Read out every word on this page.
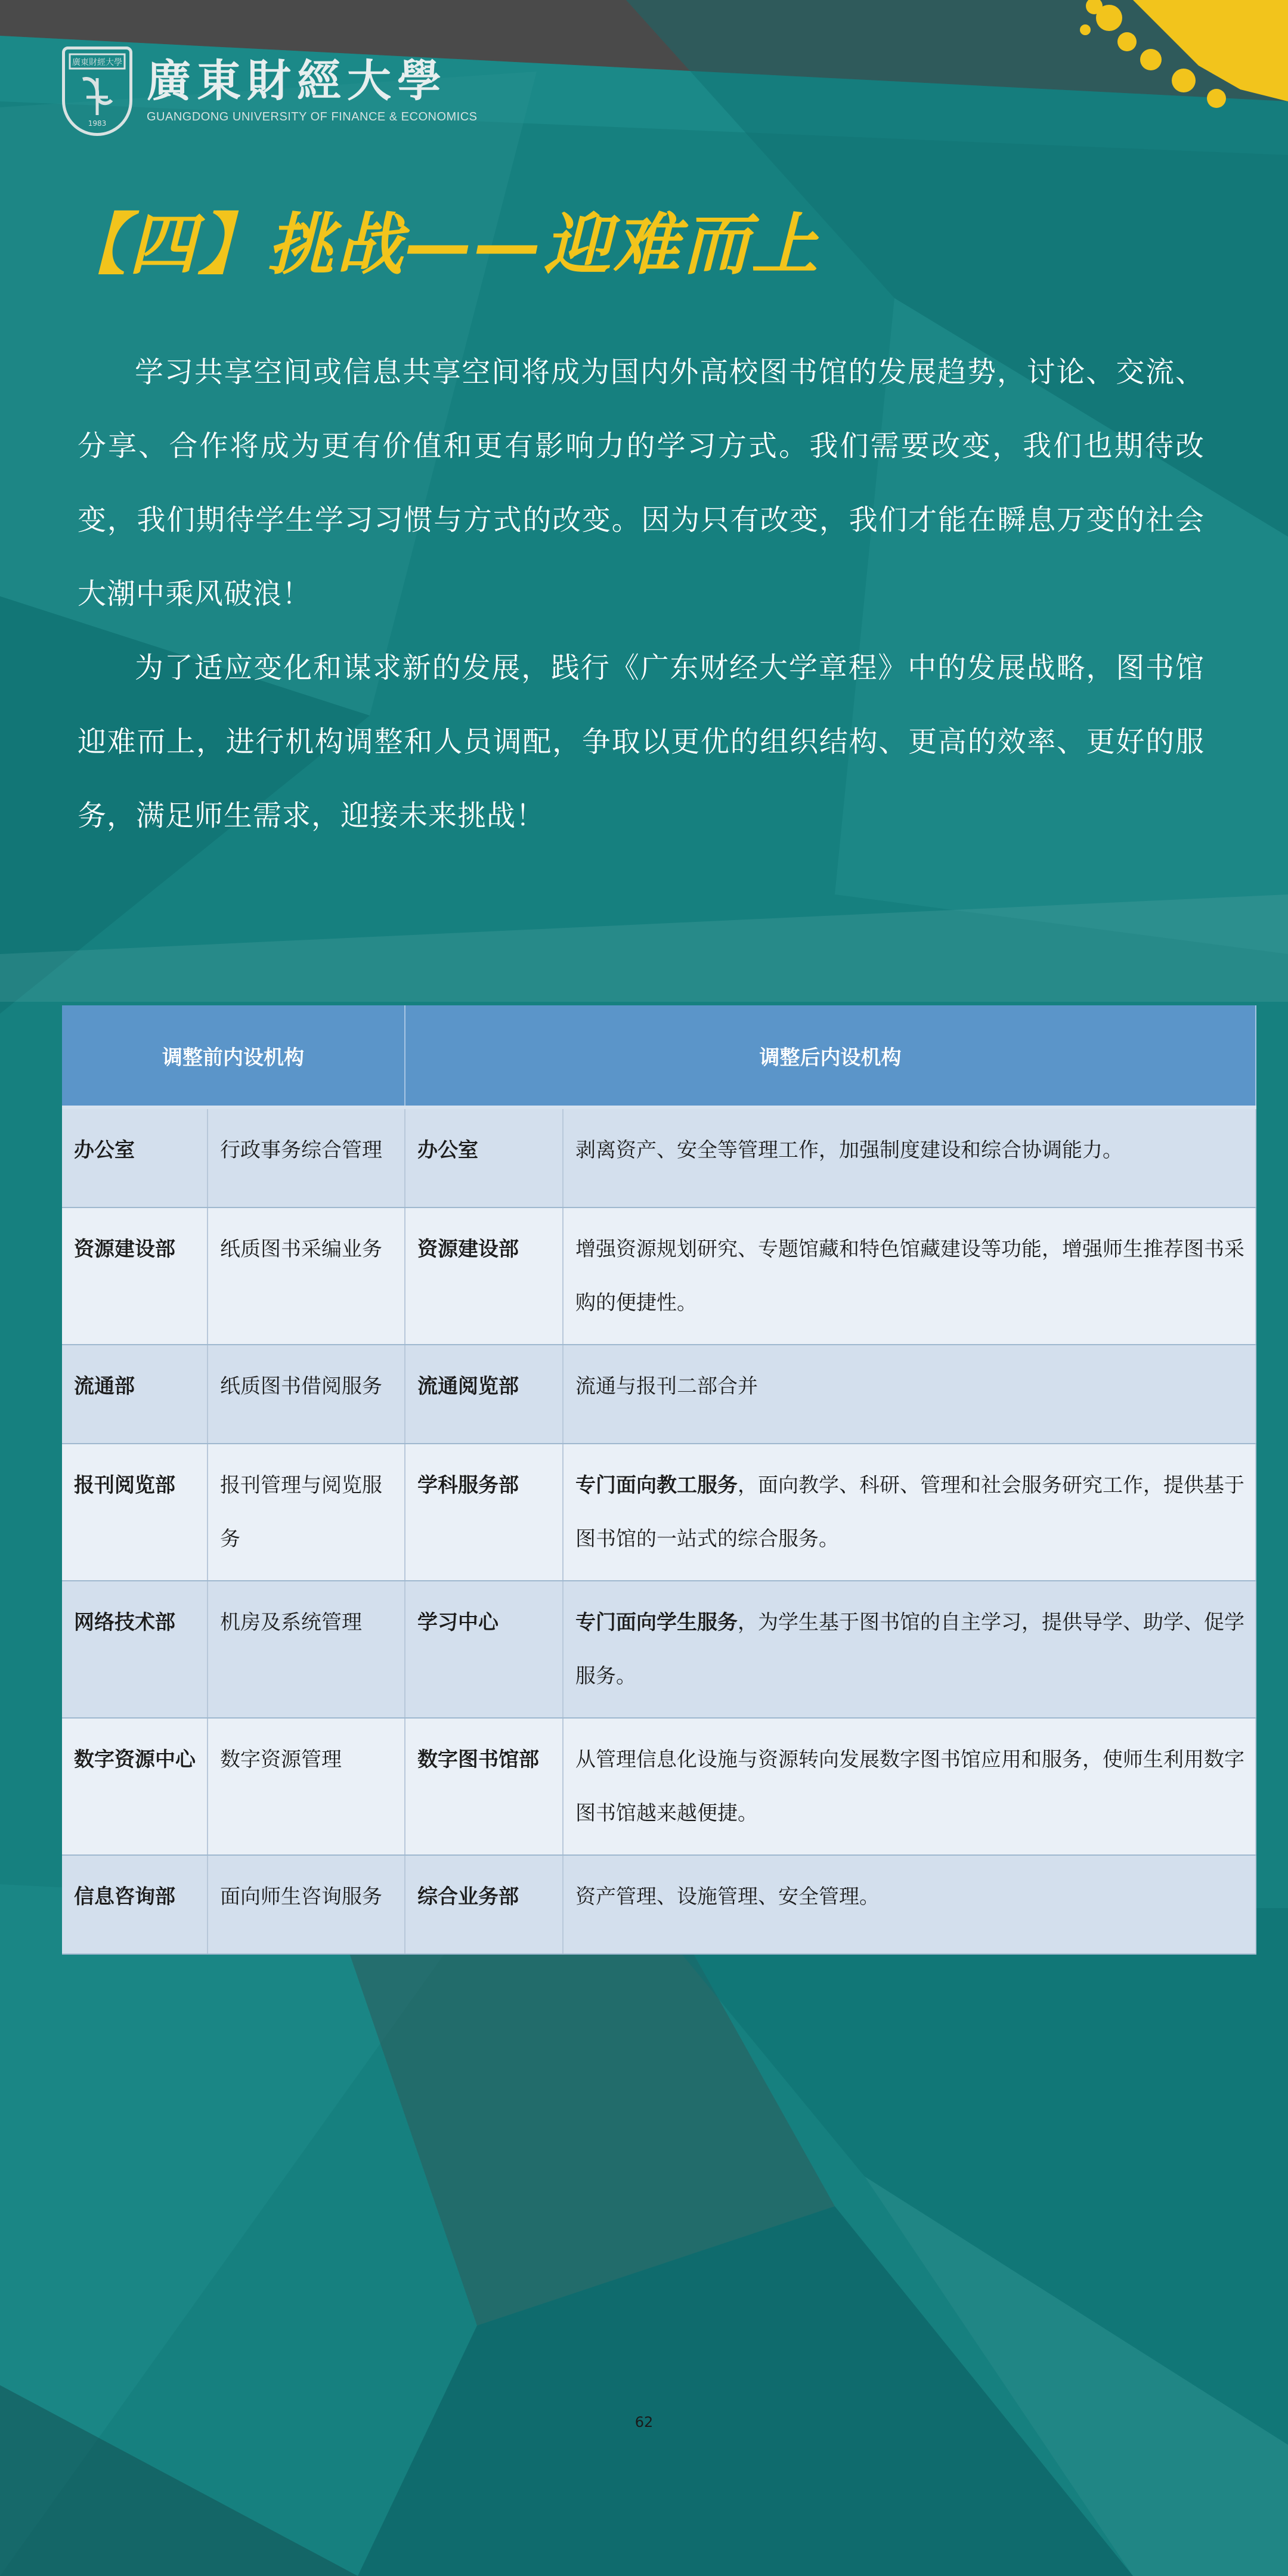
廣東財經大學
1983
廣東財經大學
GUANGDONG UNIVERSITY OF FINANCE & ECONOMICS
【四】挑战——迎难而上

学习共享空间或信息共享空间将成为国内外高校图书馆的发展趋势，讨论、交流、分享、合作将成为更有价值和更有影响力的学习方式。我们需要改变，我们也期待改变，我们期待学生学习习惯与方式的改变。因为只有改变，我们才能在瞬息万变的社会大潮中乘风破浪！

为了适应变化和谋求新的发展，践行《广东财经大学章程》中的发展战略，图书馆迎难而上，进行机构调整和人员调配，争取以更优的组织结构、更高的效率、更好的服务，满足师生需求，迎接未来挑战！

调整前内设机构		调整后内设机构	
办公室	行政事务综合管理	办公室	剥离资产、安全等管理工作，加强制度建设和综合协调能力。
资源建设部	纸质图书采编业务	资源建设部	增强资源规划研究、专题馆藏和特色馆藏建设等功能，增强师生推荐图书采购的便捷性。
流通部	纸质图书借阅服务	流通阅览部	流通与报刊二部合并
报刊阅览部	报刊管理与阅览服务	学科服务部	专门面向教工服务，面向教学、科研、管理和社会服务研究工作，提供基于图书馆的一站式的综合服务。
网络技术部	机房及系统管理	学习中心	专门面向学生服务，为学生基于图书馆的自主学习，提供导学、助学、促学服务。
数字资源中心	数字资源管理	数字图书馆部	从管理信息化设施与资源转向发展数字图书馆应用和服务，使师生利用数字图书馆越来越便捷。
信息咨询部	面向师生咨询服务	综合业务部	资产管理、设施管理、安全管理。
62
